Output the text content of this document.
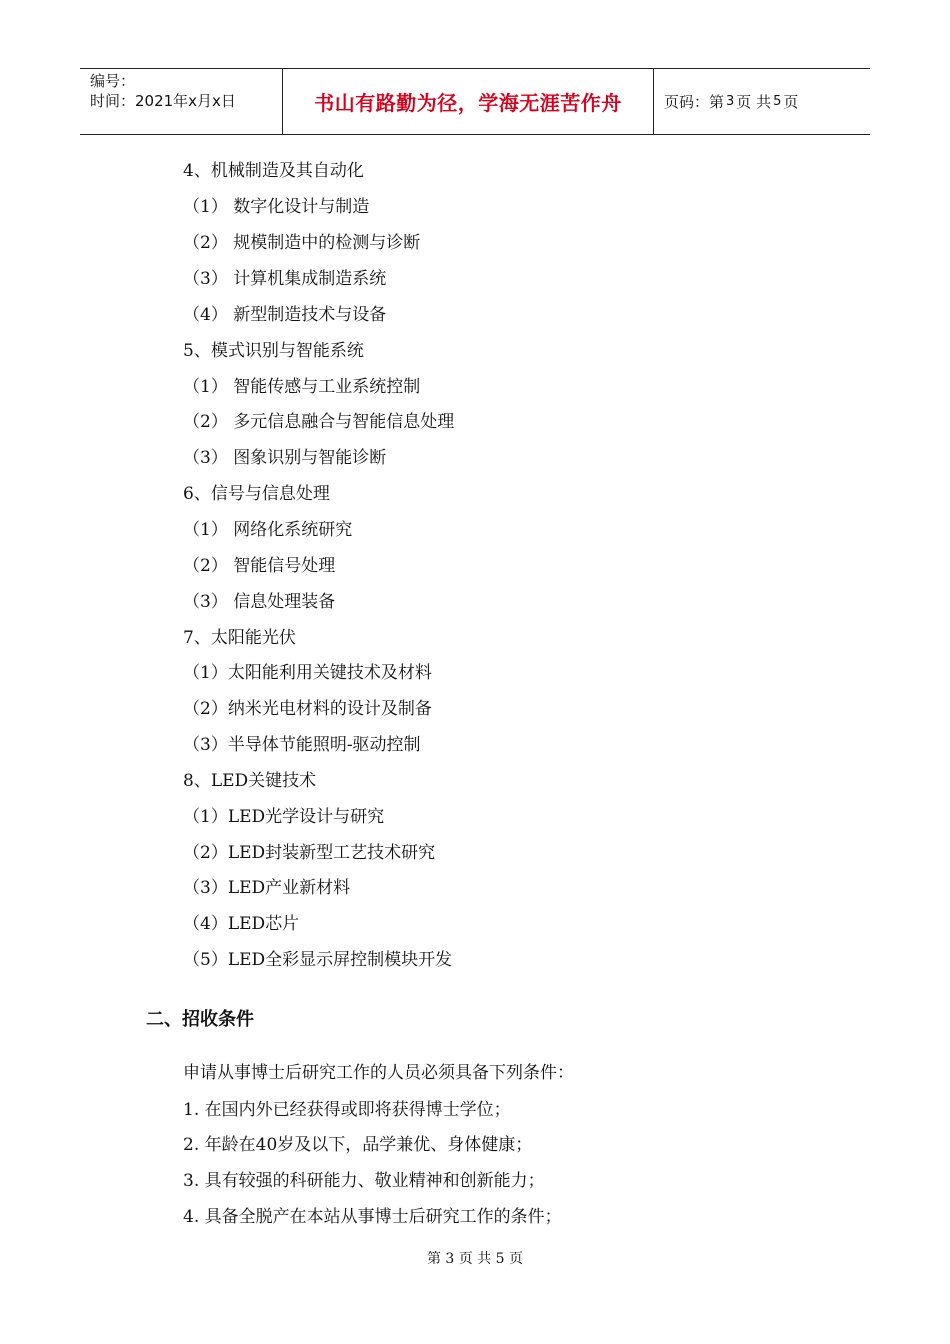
编号：
时间：2021年x月x日	书山有路勤为径，学海无涯苦作舟	页码：第 3 页 共 5 页
4、机械制造及其自动化
（1） 数字化设计与制造
（2） 规模制造中的检测与诊断
（3） 计算机集成制造系统
（4） 新型制造技术与设备
5、模式识别与智能系统
（1） 智能传感与工业系统控制
（2） 多元信息融合与智能信息处理
（3） 图象识别与智能诊断
6、信号与信息处理
（1） 网络化系统研究
（2） 智能信号处理
（3） 信息处理装备
7、太阳能光伏
（1）太阳能利用关键技术及材料
（2）纳米光电材料的设计及制备
（3）半导体节能照明-驱动控制
8、LED关键技术
（1）LED光学设计与研究
（2）LED封装新型工艺技术研究
（3）LED产业新材料
（4）LED芯片
（5）LED全彩显示屏控制模块开发
二、招收条件
申请从事博士后研究工作的人员必须具备下列条件：
1. 在国内外已经获得或即将获得博士学位；
2. 年龄在40岁及以下，品学兼优、身体健康；
3. 具有较强的科研能力、敬业精神和创新能力；
4. 具备全脱产在本站从事博士后研究工作的条件；
第 3 页 共 5 页
